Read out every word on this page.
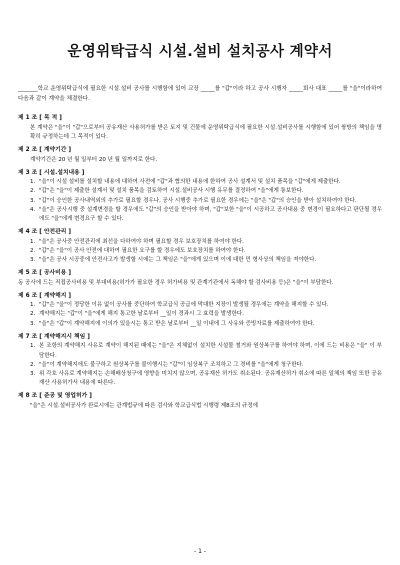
운영위탁급식 시설.설비 설치공사 계약서
_______학교 운영위탁급식에 필요한 시설.설비 공사를 시행함에 있어 교장 _____를 "갑"이라 하고 공사 시행자 _____회사 대표 _____를 "을"이라하여 다음과 같이 계약을 체결한다.
제 1 조 [ 목 적 ]
본 계약은 "을"이 "갑"으로부터 공유재산 사용허가를 받은 토지 및 건물에 운영위탁급식에 필요한 시설.설비공사를 시행함에 있어 쌍방의 책임을 명확히 규정하는데 그 목적이 있다.
제 2 조 [ 계약기간 ]
계약기간은 20 년 월 일부터 20 년 월 일까지로 한다.
제 3 조 [ 시설.설치내용 ]
1. "을"이 시설 설비를 설치할 내용에 대하여 사전에 "갑"과 협의한 내용에 한하여 공사 설계서 및 설치 품목을 "갑"에게 제출한다.
2. "갑"은 "을"이 제출한 설계서 및 설치 품목을 검토하여 시설.설비공사 시행 유무를 결정하여 "을"에게 통보한다.
3. "갑"이 승인한 공사내역외의 추가로 필요할 경우나, 공사 시행중 추가로 필요한 경우에는 "을"은 "갑"의 승인을 받아 설치하여야 한다.
4. "을"은 공사시행 중 설계변경을 할 경우에도 "갑"의 승인을 받아야 하며, "갑"보한 "을"이 시공하고 공사내용 중 변경이 필요하다고 판단될 경우에도 "을"에게 변경요구 할 수 있다.
제 4 조 [ 안전관리 ]
1. "을"은 공사중 안전관리에 최선을 다하여야 하며 필요할 경우 보호장치를 하여야 한다.
2. "갑"은 "을"이 공사 안전에 대하여 필요한 요구를 할 경우에도 보호장치를 하여야 한다.
3. "을"은 공사 시공중에 안전사고가 발생할 시에는 그 책임은 "을"에게 있으며 이에 대한 민 형사상의 책임을 져야한다.
제 5 조 [ 공사비용 ]
동 공사에 드는 직접공사비용 및 부대비용(허가가 필요한 경우 허가비용 및 관계기관에서 독해야 할 검사비용 등)은 "을"이 부담한다.
제 6 조 [ 계약해지 ]
1. "갑"은 "을"이 정당한 이유 없이 공사를 중단하여 학교급식 공급에 막대한 지장이 발생될 경우에는 계약을 해지할 수 있다.
2. 계약해지는 "갑"이 "을"에게 해지 통고한 날로부터 __일이 경과시 그 효력을 발생한다.
3. "을"은 "갑"이 계약해지에 이의가 있을시는 통고 받은 날로부터 __일 이내에 그 사유와 증빙자료를 제출하여야 한다.
제 7 조 [ 계약해지시 책임 ]
1. 본 조항의 계약해지 사유로 계약이 해지된 때에는 "을"은 지체없이 설치한 시설물 철거와 원상복구를 하여야 하며, 이에 드는 비용은 "을" 이 부담한다.
2. "을"이 계약해지에도 불구하고 원상복구를 불이행시는 "갑"이 임상복구 조치하고 그 경비를 "을"에게 청구한다.
3. 위 각호 사유로 계약해지는 손해배상청구에 영향을 미치지 않으며, 공유재산 허가도 취소된다. 공유재산허가 취소에 따른 일체의 책임 또한 공유재산 사용허가서 내용에 따른다.
제 8 조 [ 준공 및 영업허가 ]
"을"은 시설.설비공사가 완료시에는 관계법규에 따른 검사와 학교급식법 시행령 제8조의 규정에
- 1 -
